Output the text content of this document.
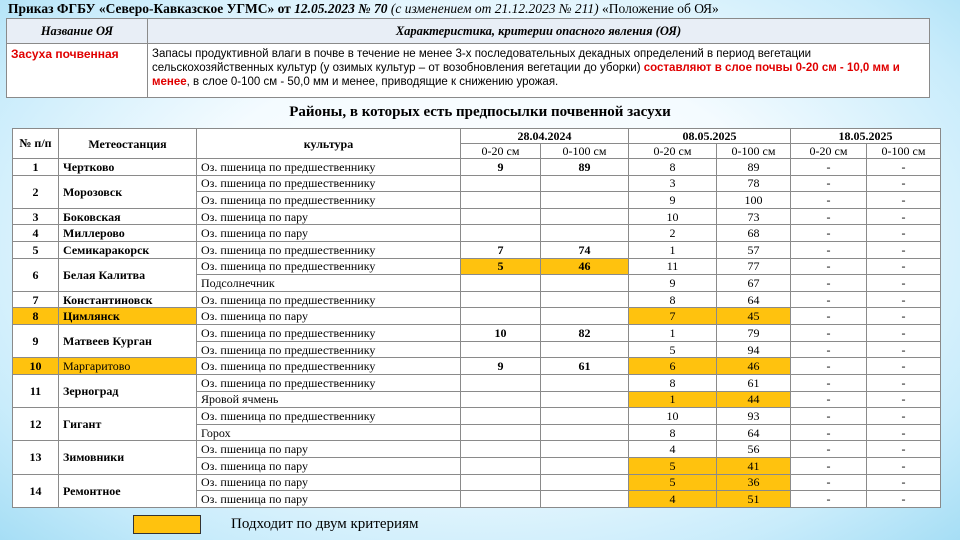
Приказ ФГБУ «Северо-Кавказское УГМС» от 12.05.2023 № 70 (с изменением от 21.12.2023 № 211) «Положение об ОЯ»
Название ОЯ	Характеристика, критерии опасного явления (ОЯ)
Засуха почвенная	Запасы продуктивной влаги в почве в течение не менее 3-х последовательных декадных определений в период вегетации сельскохозяйственных культур (у озимых культур – от возобновления вегетации до уборки) составляют в слое почвы 0-20 см - 10,0 мм и менее, в слое 0-100 см - 50,0 мм и менее, приводящие к снижению урожая.
Районы, в которых есть предпосылки почвенной засухи
№ п/п	Метеостанция	культура	28.04.2024		08.05.2025		18.05.2025	
			0-20 см	0-100 см	0-20 см	0-100 см	0-20 см	0-100 см
1	Чертково	Оз. пшеница по предшественнику	9	89	8	89	-	-
2	Морозовск	Оз. пшеница по предшественнику			3	78	-	-
		Оз. пшеница по предшественнику			9	100	-	-
3	Боковская	Оз. пшеница по пару			10	73	-	-
4	Миллерово	Оз. пшеница по пару			2	68	-	-
5	Семикаракорск	Оз. пшеница по предшественнику	7	74	1	57	-	-
6	Белая Калитва	Оз. пшеница по предшественнику	5	46	11	77	-	-
		Подсолнечник			9	67	-	-
7	Константиновск	Оз. пшеница по предшественнику			8	64	-	-
8	Цимлянск	Оз. пшеница по пару			7	45	-	-
9	Матвеев Курган	Оз. пшеница по предшественнику	10	82	1	79	-	-
		Оз. пшеница по предшественнику			5	94	-	-
10	Маргаритово	Оз. пшеница по предшественнику	9	61	6	46	-	-
11	Зерноград	Оз. пшеница по предшественнику			8	61	-	-
		Яровой ячмень			1	44	-	-
12	Гигант	Оз. пшеница по предшественнику			10	93	-	-
		Горох			8	64	-	-
13	Зимовники	Оз. пшеница по пару			4	56	-	-
		Оз. пшеница по пару			5	41	-	-
14	Ремонтное	Оз. пшеница по пару			5	36	-	-
		Оз. пшеница по пару			4	51	-	-
Подходит по двум критериям
